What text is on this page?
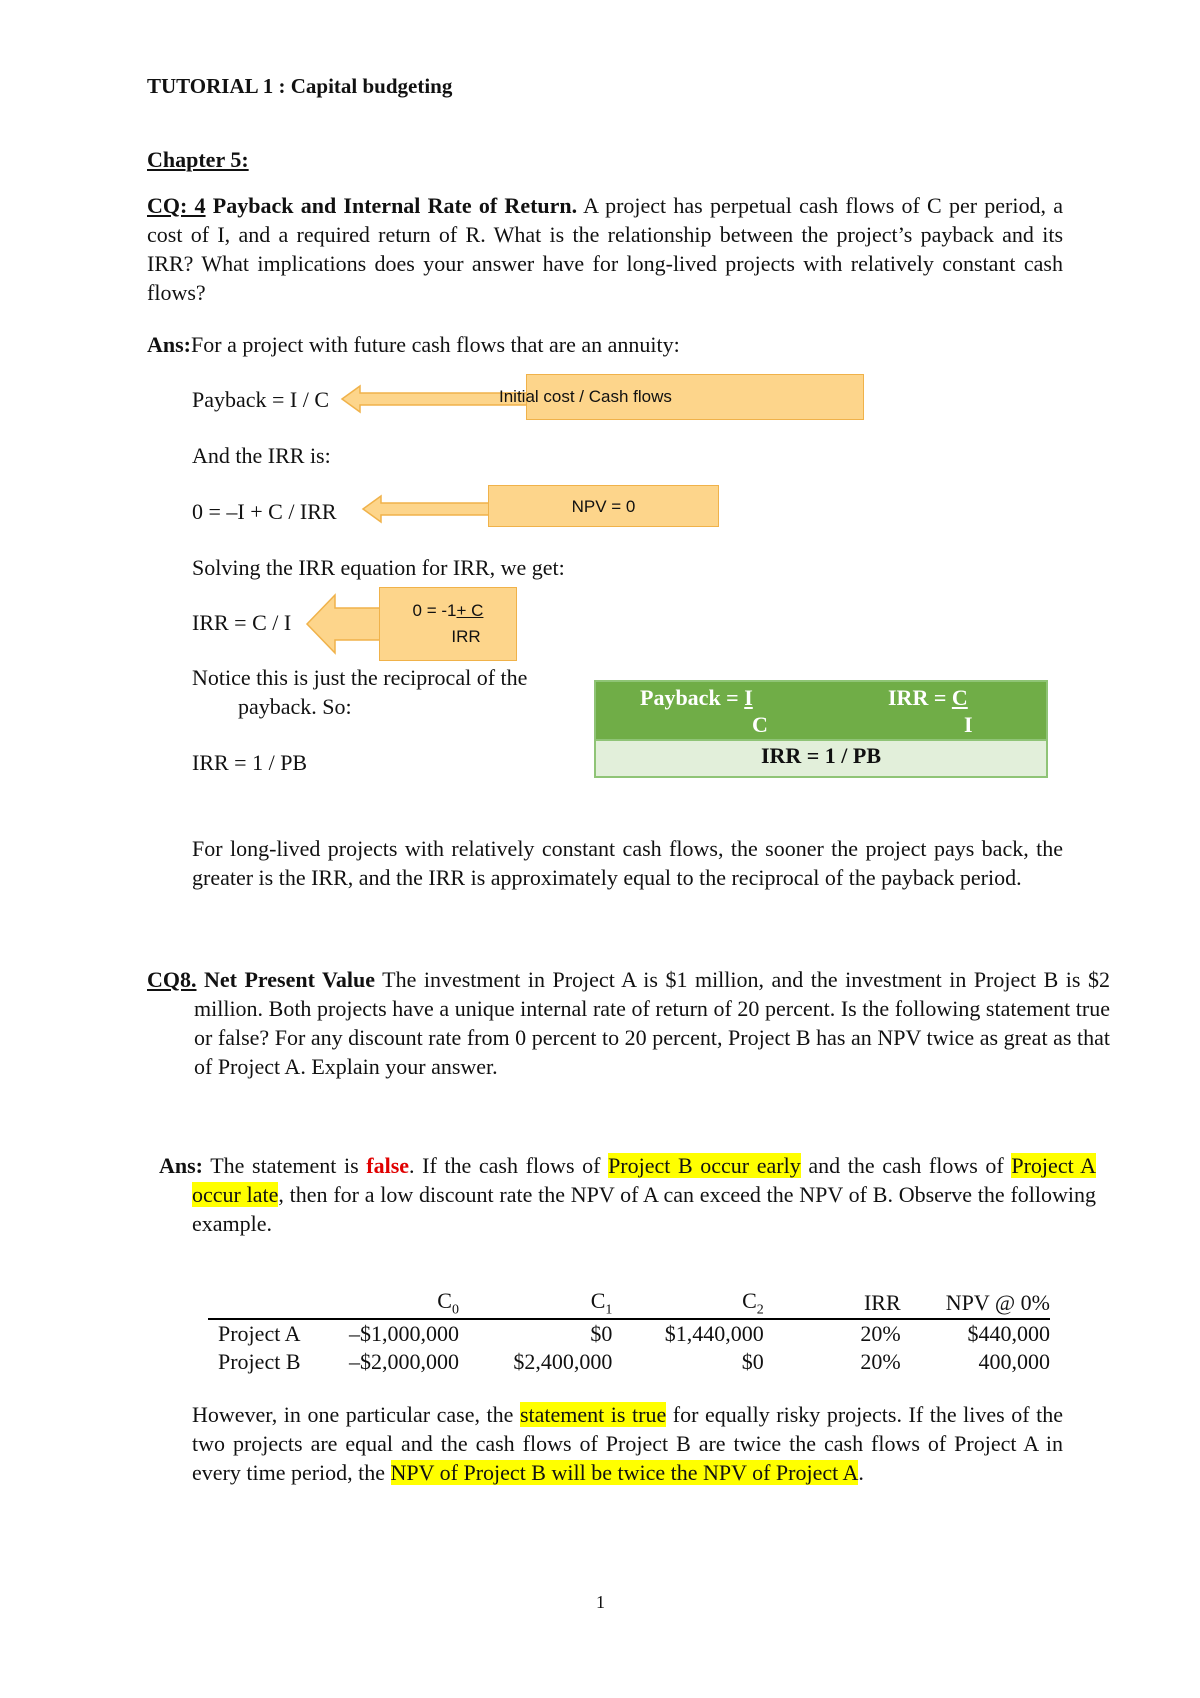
TUTORIAL 1 : Capital budgeting
Chapter 5:
CQ: 4 Payback and Internal Rate of Return. A project has perpetual cash flows of C per period, a cost of I, and a required return of R. What is the relationship between the project’s payback and its IRR? What implications does your answer have for long-lived projects with relatively constant cash flows?
Ans:For a project with future cash flows that are an annuity:
Payback = I / C
And the IRR is:
0 = –I + C / IRR
Solving the IRR equation for IRR, we get:
IRR = C / I
Notice this is just the reciprocal of the
payback. So:
IRR = 1 / PB
Initial cost / Cash flows
NPV = 0
0 = -1+ C
IRR
Payback = I
C
IRR = C
I
IRR = 1 / PB
For long-lived projects with relatively constant cash flows, the sooner the project pays back, the greater is the IRR, and the IRR is approximately equal to the reciprocal of the payback period.
CQ8. Net Present Value The investment in Project A is $1 million, and the investment in Project B is $2 million. Both projects have a unique internal rate of return of 20 percent. Is the following statement true or false? For any discount rate from 0 percent to 20 percent, Project B has an NPV twice as great as that of Project A. Explain your answer.
Ans: The statement is false. If the cash flows of Project B occur early and the cash flows of Project A occur late, then for a low discount rate the NPV of A can exceed the NPV of B. Observe the following example.
	$C_0$	$C_1$	$C_2$	IRR	NPV @ 0%
Project A	–$1,000,000	$0	$1,440,000	20%	$440,000
Project B	–$2,000,000	$2,400,000	$0	20%	400,000
However, in one particular case, the statement is true for equally risky projects. If the lives of the two projects are equal and the cash flows of Project B are twice the cash flows of Project A in every time period, the NPV of Project B will be twice the NPV of Project A.
1
